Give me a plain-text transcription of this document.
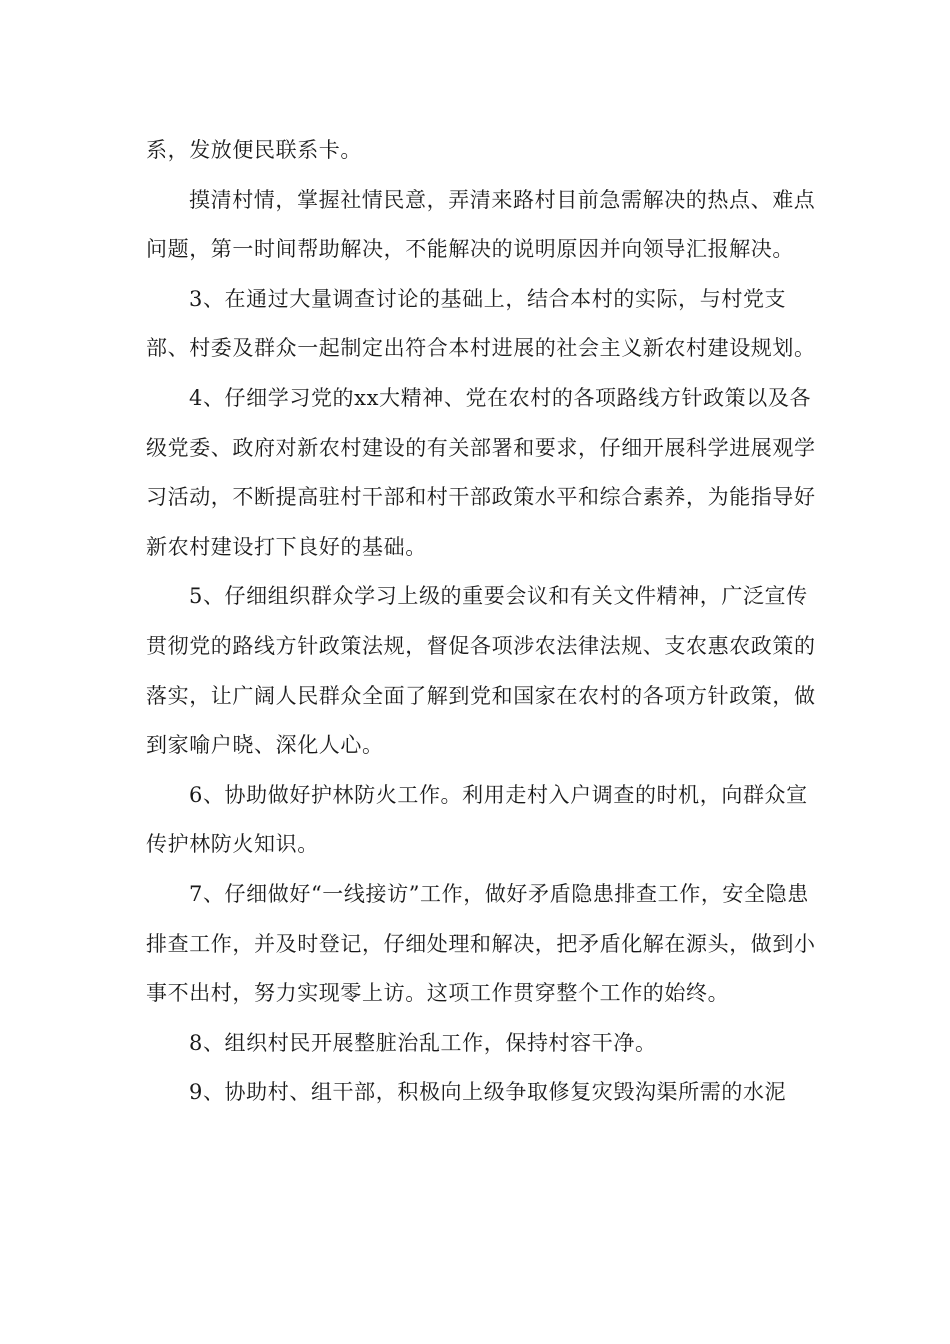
系，发放便民联系卡。

摸清村情，掌握社情民意，弄清来路村目前急需解决的热点、难点问题，第一时间帮助解决，不能解决的说明原因并向领导汇报解决。

3、在通过大量调查讨论的基础上，结合本村的实际，与村党支部、村委及群众一起制定出符合本村进展的社会主义新农村建设规划。

4、仔细学习党的xx大精神、党在农村的各项路线方针政策以及各级党委、政府对新农村建设的有关部署和要求，仔细开展科学进展观学习活动，不断提高驻村干部和村干部政策水平和综合素养，为能指导好新农村建设打下良好的基础。

5、仔细组织群众学习上级的重要会议和有关文件精神，广泛宣传贯彻党的路线方针政策法规，督促各项涉农法律法规、支农惠农政策的落实，让广阔人民群众全面了解到党和国家在农村的各项方针政策，做到家喻户晓、深化人心。

6、协助做好护林防火工作。利用走村入户调查的时机，向群众宣传护林防火知识。

7、仔细做好“一线接访”工作，做好矛盾隐患排查工作，安全隐患排查工作，并及时登记，仔细处理和解决，把矛盾化解在源头，做到小事不出村，努力实现零上访。这项工作贯穿整个工作的始终。

8、组织村民开展整脏治乱工作，保持村容干净。

9、协助村、组干部，积极向上级争取修复灾毁沟渠所需的水泥
